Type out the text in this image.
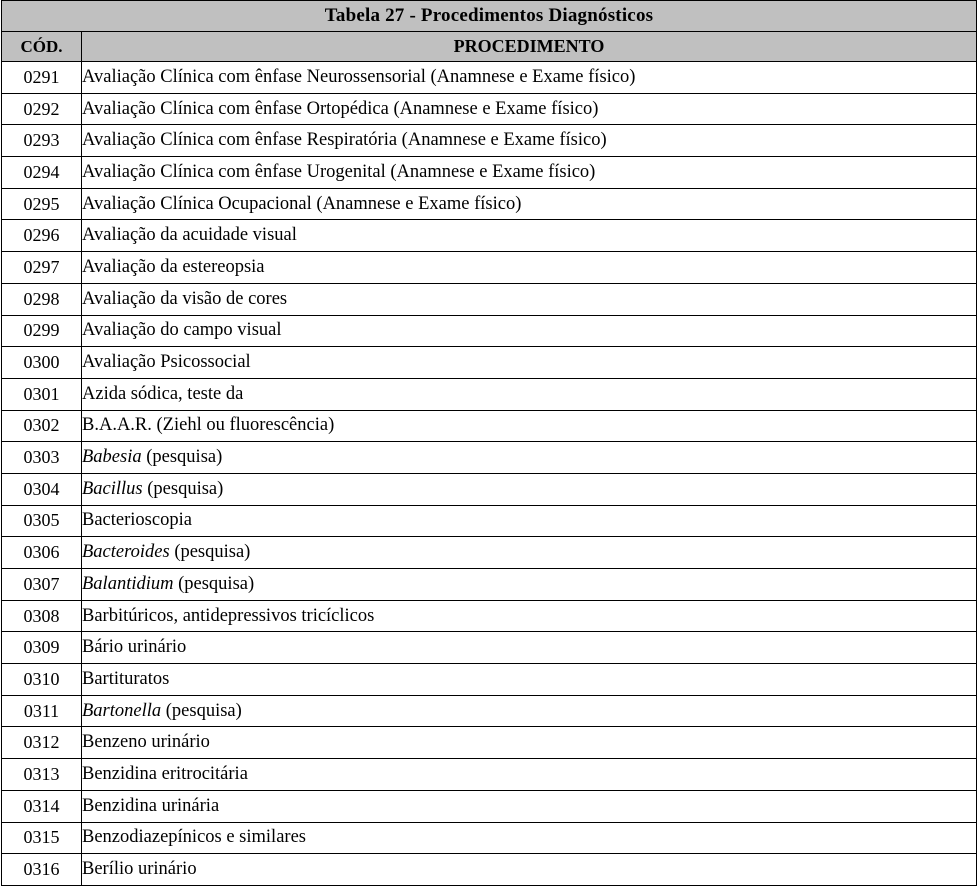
Tabela 27 - Procedimentos Diagnósticos	
CÓD.	PROCEDIMENTO
0291	Avaliação Clínica com ênfase Neurossensorial (Anamnese e Exame físico)
0292	Avaliação Clínica com ênfase Ortopédica (Anamnese e Exame físico)
0293	Avaliação Clínica com ênfase Respiratória (Anamnese e Exame físico)
0294	Avaliação Clínica com ênfase Urogenital (Anamnese e Exame físico)
0295	Avaliação Clínica Ocupacional (Anamnese e Exame físico)
0296	Avaliação da acuidade visual
0297	Avaliação da estereopsia
0298	Avaliação da visão de cores
0299	Avaliação do campo visual
0300	Avaliação Psicossocial
0301	Azida sódica, teste da
0302	B.A.A.R. (Ziehl ou fluorescência)
0303	Babesia (pesquisa)
0304	Bacillus (pesquisa)
0305	Bacterioscopia
0306	Bacteroides (pesquisa)
0307	Balantidium (pesquisa)
0308	Barbitúricos, antidepressivos tricíclicos
0309	Bário urinário
0310	Bartituratos
0311	Bartonella (pesquisa)
0312	Benzeno urinário
0313	Benzidina eritrocitária
0314	Benzidina urinária
0315	Benzodiazepínicos e similares
0316	Berílio urinário
